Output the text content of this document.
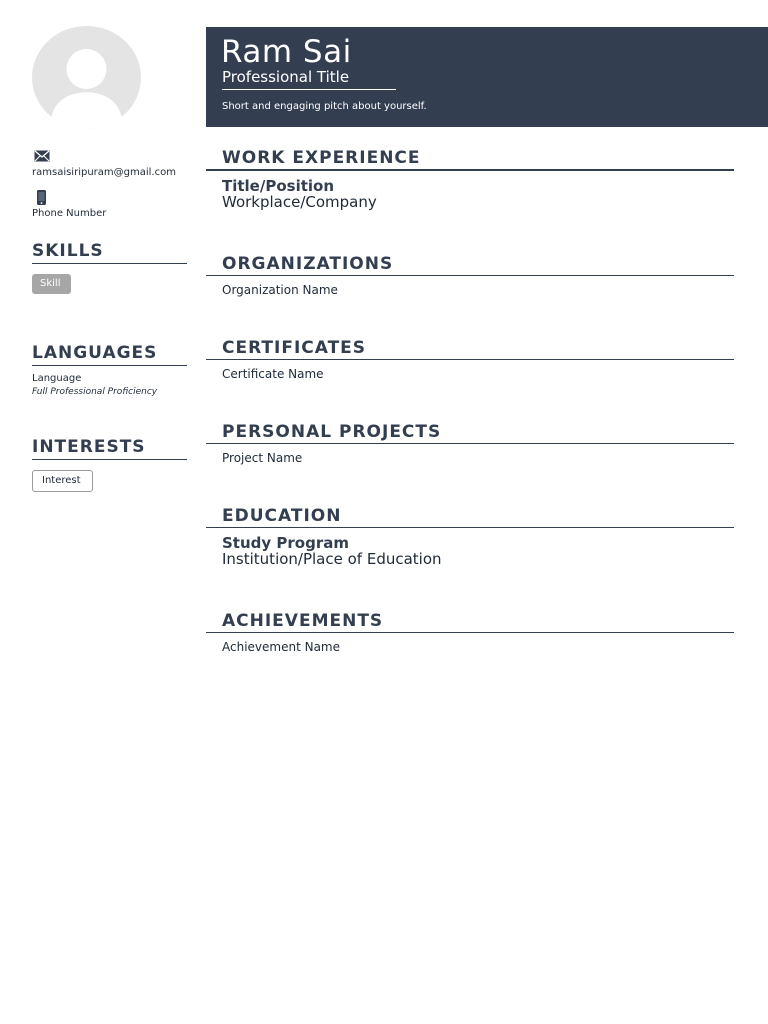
Ram Sai
Professional Title
Short and engaging pitch about yourself.
ramsaisiripuram@gmail.com
Phone Number
SKILLS
Skill
LANGUAGES
Language
Full Professional Proficiency
INTERESTS
Interest
WORK EXPERIENCE
Title/Position
Workplace/Company
ORGANIZATIONS
Organization Name
CERTIFICATES
Certificate Name
PERSONAL PROJECTS
Project Name
EDUCATION
Study Program
Institution/Place of Education
ACHIEVEMENTS
Achievement Name
